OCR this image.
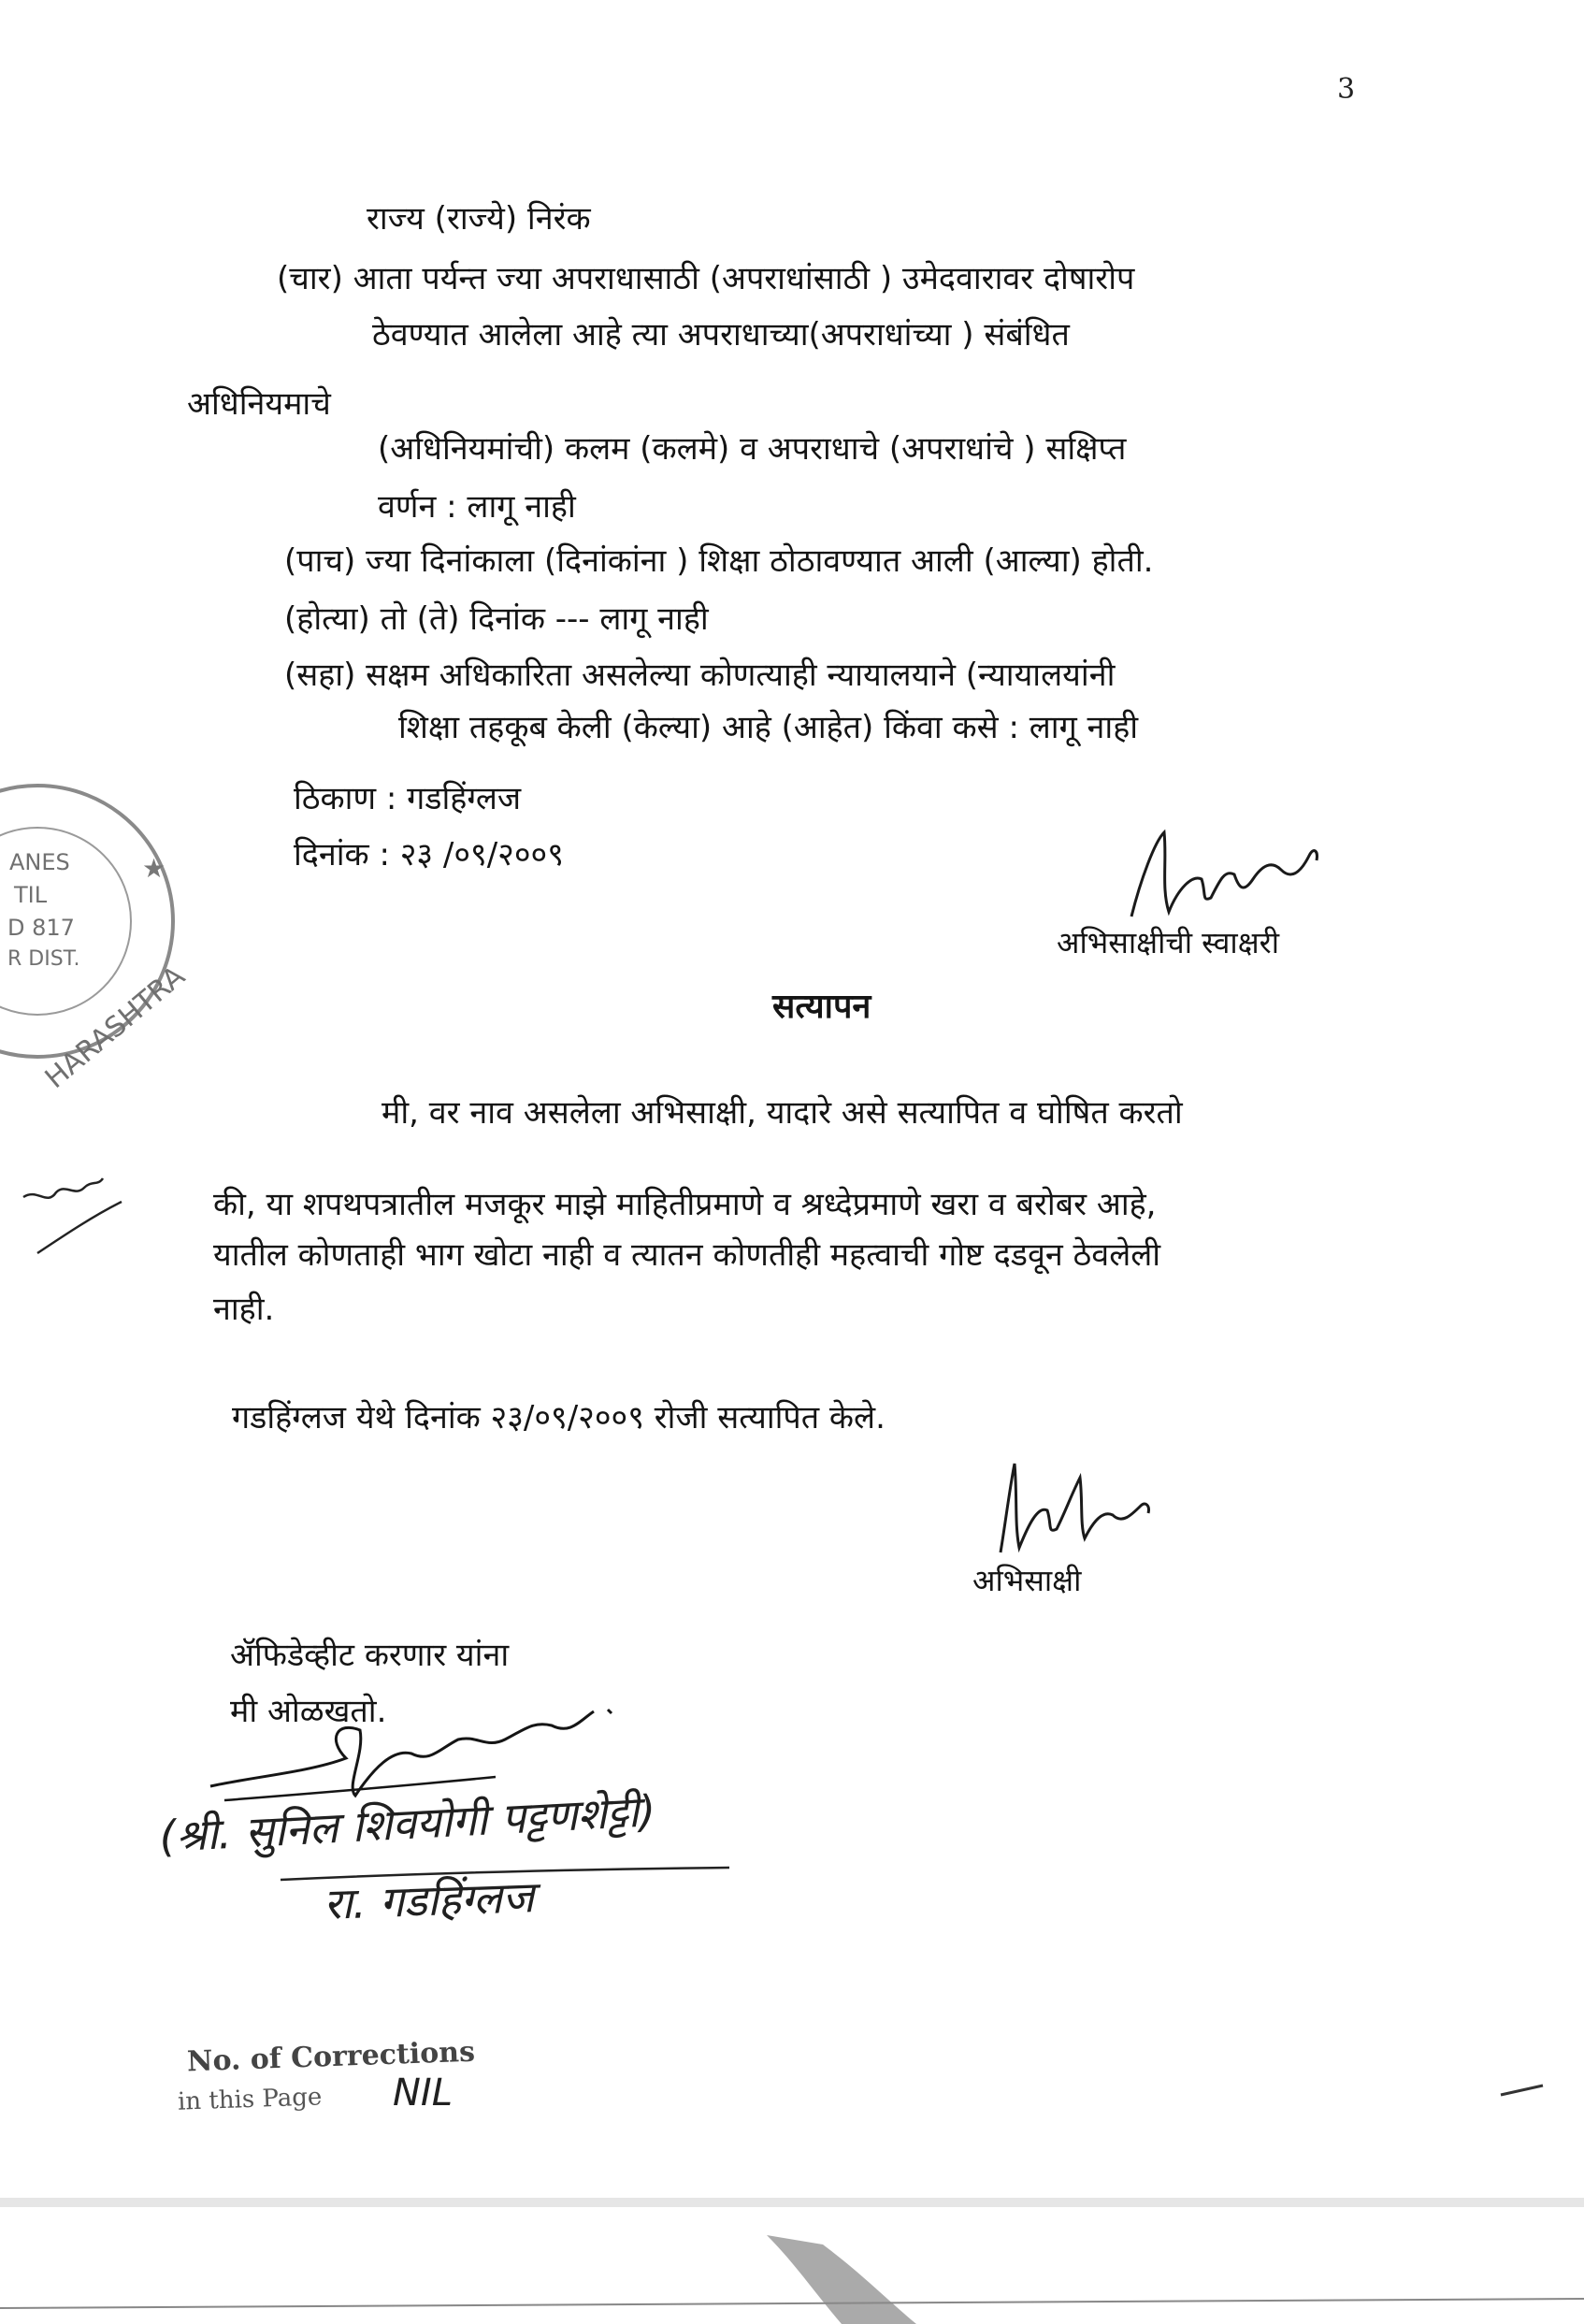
3
राज्य (राज्ये) निरंक
(चार) आता पर्यन्त ज्या अपराधासाठी (अपराधांसाठी ) उमेदवारावर दोषारोप
ठेवण्यात आलेला आहे त्या अपराधाच्या(अपराधांच्या ) संबंधित
अधिनियमाचे
(अधिनियमांची) कलम (कलमे) व अपराधाचे (अपराधांचे ) सक्षिप्त
वर्णन : लागू नाही
(पाच) ज्या दिनांकाला (दिनांकांना ) शिक्षा ठोठावण्यात आली (आल्या) होती.
(होत्या) तो (ते) दिनांक --- लागू नाही
(सहा) सक्षम अधिकारिता असलेल्या कोणत्याही न्यायालयाने (न्यायालयांनी
शिक्षा तहकूब केली (केल्या) आहे (आहेत) किंवा कसे : लागू नाही
ठिकाण : गडहिंग्लज
दिनांक : २३ /०९/२००९
अभिसाक्षीची स्वाक्षरी
सत्यापन
मी, वर नाव असलेला अभिसाक्षी, यादारे असे सत्यापित व घोषित करतो
की, या शपथपत्रातील मजकूर माझे माहितीप्रमाणे व श्रध्देप्रमाणे खरा व बरोबर आहे,
यातील कोणताही भाग खोटा नाही व त्यातन कोणतीही महत्वाची गोष्ट दडवून ठेवलेली
नाही.
गडहिंग्लज येथे दिनांक २३/०९/२००९ रोजी सत्यापित केले.
अभिसाक्षी
ॲफिडेव्हीट करणार यांना
मी ओळखतो.
(श्री. सुनिल शिवयोगी पट्टणशेट्टी)
रा. गडहिंग्लज
ANES
TIL
D 817
R DIST.
HARASHTRA
★
No. of Corrections
in this Page NIL
